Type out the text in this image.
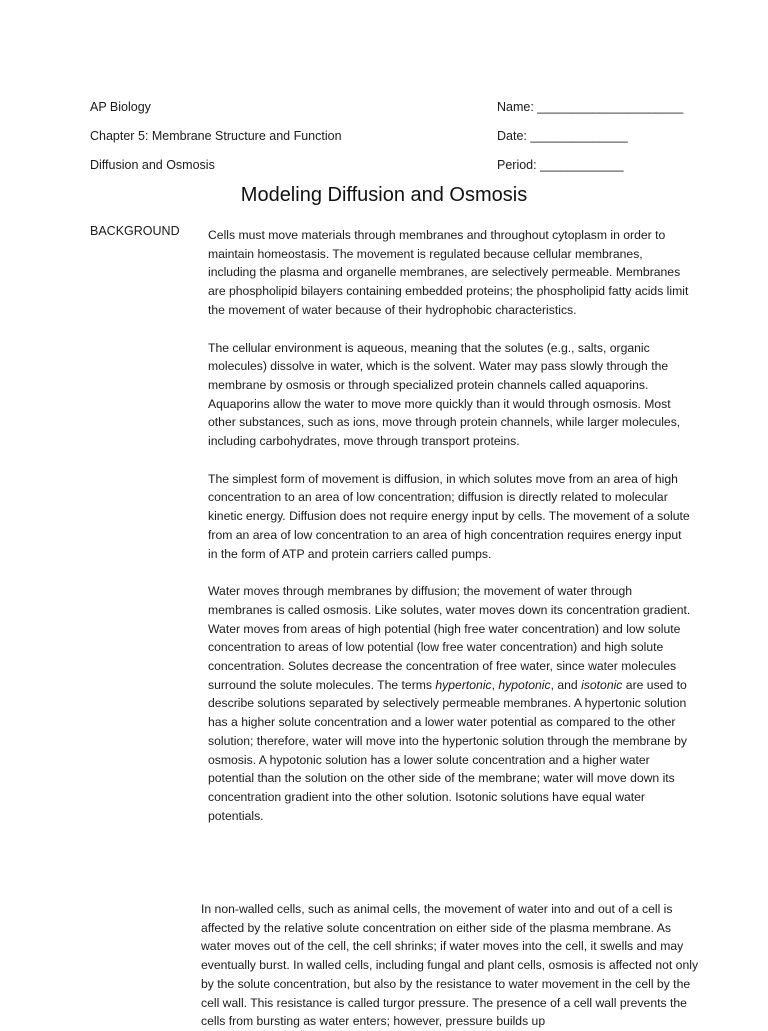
AP Biology
Chapter 5: Membrane Structure and Function
Diffusion and Osmosis
Name: _____________________
Date: ______________
Period: ____________
Modeling Diffusion and Osmosis
BACKGROUND Cells must move materials through membranes and throughout cytoplasm in order to maintain homeostasis. The movement is regulated because cellular membranes, including the plasma and organelle membranes, are selectively permeable. Membranes are phospholipid bilayers containing embedded proteins; the phospholipid fatty acids limit the movement of water because of their hydrophobic characteristics.

The cellular environment is aqueous, meaning that the solutes (e.g., salts, organic molecules) dissolve in water, which is the solvent. Water may pass slowly through the membrane by osmosis or through specialized protein channels called aquaporins. Aquaporins allow the water to move more quickly than it would through osmosis. Most other substances, such as ions, move through protein channels, while larger molecules, including carbohydrates, move through transport proteins.

The simplest form of movement is diffusion, in which solutes move from an area of high concentration to an area of low concentration; diffusion is directly related to molecular kinetic energy. Diffusion does not require energy input by cells. The movement of a solute from an area of low concentration to an area of high concentration requires energy input in the form of ATP and protein carriers called pumps.

Water moves through membranes by diffusion; the movement of water through membranes is called osmosis. Like solutes, water moves down its concentration gradient. Water moves from areas of high potential (high free water concentration) and low solute concentration to areas of low potential (low free water concentration) and high solute concentration. Solutes decrease the concentration of free water, since water molecules surround the solute molecules. The terms hypertonic, hypotonic, and isotonic are used to describe solutions separated by selectively permeable membranes. A hypertonic solution has a higher solute concentration and a lower water potential as compared to the other solution; therefore, water will move into the hypertonic solution through the membrane by osmosis. A hypotonic solution has a lower solute concentration and a higher water potential than the solution on the other side of the membrane; water will move down its concentration gradient into the other solution. Isotonic solutions have equal water potentials.

In non-walled cells, such as animal cells, the movement of water into and out of a cell is affected by the relative solute concentration on either side of the plasma membrane. As water moves out of the cell, the cell shrinks; if water moves into the cell, it swells and may eventually burst. In walled cells, including fungal and plant cells, osmosis is affected not only by the solute concentration, but also by the resistance to water movement in the cell by the cell wall. This resistance is called turgor pressure. The presence of a cell wall prevents the cells from bursting as water enters; however, pressure builds up
